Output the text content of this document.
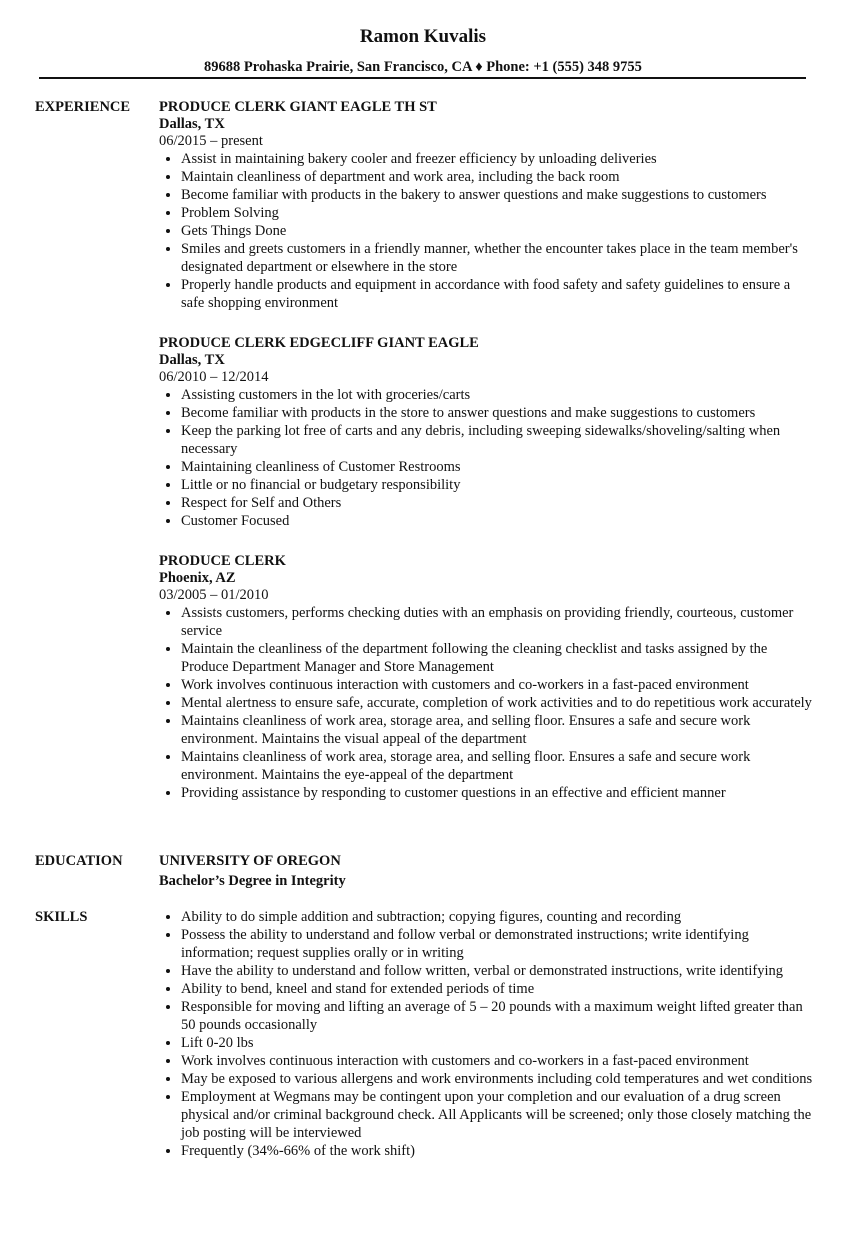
Ramon Kuvalis
89688 Prohaska Prairie, San Francisco, CA ♦ Phone: +1 (555) 348 9755
EXPERIENCE	PRODUCE CLERK GIANT EAGLE TH ST
Dallas, TX
06/2015 – present
• Assist in maintaining bakery cooler and freezer efficiency by unloading deliveries
• Maintain cleanliness of department and work area, including the back room
• Become familiar with products in the bakery to answer questions and make suggestions to customers
• Problem Solving
• Gets Things Done
• Smiles and greets customers in a friendly manner, whether the encounter takes place in the team member's designated department or elsewhere in the store
• Properly handle products and equipment in accordance with food safety and safety guidelines to ensure a safe shopping environment
PRODUCE CLERK EDGECLIFF GIANT EAGLE
Dallas, TX
06/2010 – 12/2014
• Assisting customers in the lot with groceries/carts
• Become familiar with products in the store to answer questions and make suggestions to customers
• Keep the parking lot free of carts and any debris, including sweeping sidewalks/shoveling/salting when necessary
• Maintaining cleanliness of Customer Restrooms
• Little or no financial or budgetary responsibility
• Respect for Self and Others
• Customer Focused
PRODUCE CLERK
Phoenix, AZ
03/2005 – 01/2010
• Assists customers, performs checking duties with an emphasis on providing friendly, courteous, customer service
• Maintain the cleanliness of the department following the cleaning checklist and tasks assigned by the Produce Department Manager and Store Management
• Work involves continuous interaction with customers and co-workers in a fast-paced environment
• Mental alertness to ensure safe, accurate, completion of work activities and to do repetitious work accurately
• Maintains cleanliness of work area, storage area, and selling floor. Ensures a safe and secure work environment. Maintains the visual appeal of the department
• Maintains cleanliness of work area, storage area, and selling floor. Ensures a safe and secure work environment. Maintains the eye-appeal of the department
• Providing assistance by responding to customer questions in an effective and efficient manner
EDUCATION	UNIVERSITY OF OREGON
Bachelor’s Degree in Integrity
SKILLS
•	Ability to do simple addition and subtraction; copying figures, counting and recording
• Possess the ability to understand and follow verbal or demonstrated instructions; write identifying information; request supplies orally or in writing
• Have the ability to understand and follow written, verbal or demonstrated instructions, write identifying
• Ability to bend, kneel and stand for extended periods of time
• Responsible for moving and lifting an average of 5 – 20 pounds with a maximum weight lifted greater than 50 pounds occasionally
• Lift 0-20 lbs
• Work involves continuous interaction with customers and co-workers in a fast-paced environment
• May be exposed to various allergens and work environments including cold temperatures and wet conditions
• Employment at Wegmans may be contingent upon your completion and our evaluation of a drug screen physical and/or criminal background check. All Applicants will be screened; only those closely matching the job posting will be interviewed
• Frequently (34%-66% of the work shift)
